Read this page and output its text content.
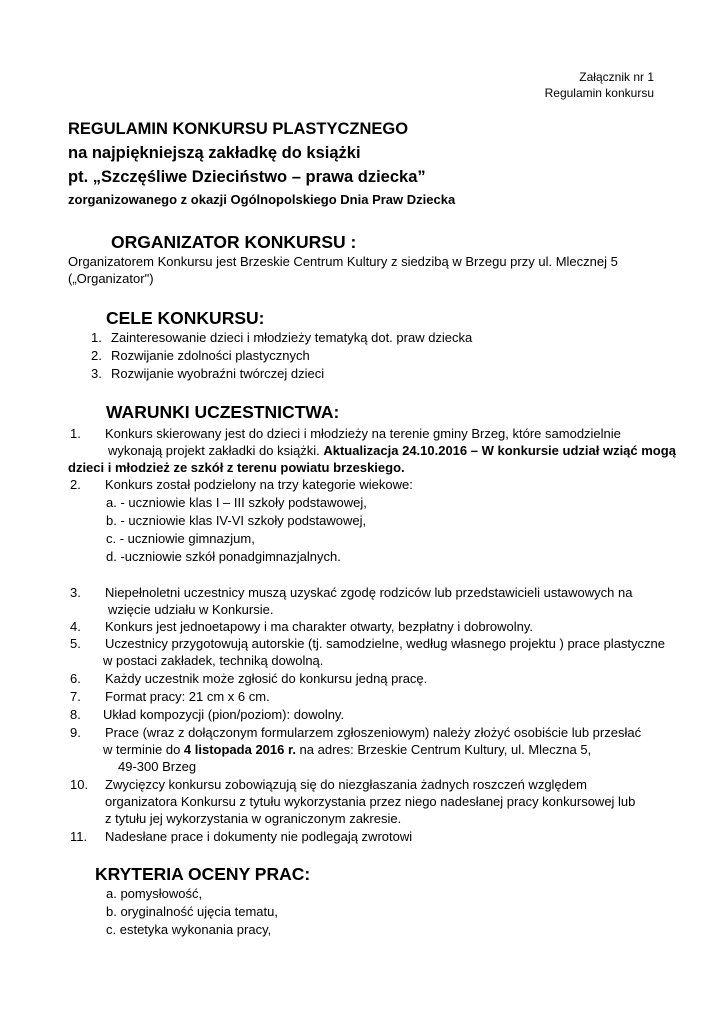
Załącznik nr 1
Regulamin konkursu
REGULAMIN KONKURSU PLASTYCZNEGO
na najpiękniejszą zakładkę do książki
pt. „Szczęśliwe Dzieciństwo – prawa dziecka”
zorganizowanego z okazji Ogólnopolskiego Dnia Praw Dziecka
ORGANIZATOR KONKURSU :
Organizatorem Konkursu jest Brzeskie Centrum Kultury z siedzibą w Brzegu przy ul. Mlecznej 5
(„Organizator")
CELE KONKURSU:
1. Zainteresowanie dzieci i młodzieży tematyką dot. praw dziecka
2. Rozwijanie zdolności plastycznych
3. Rozwijanie wyobraźni twórczej dzieci
WARUNKI UCZESTNICTWA:
1. Konkurs skierowany jest do dzieci i młodzieży na terenie gminy Brzeg, które samodzielnie
wykonają projekt zakładki do książki. Aktualizacja 24.10.2016 – W konkursie udział wziąć mogą
dzieci i młodzież ze szkół z terenu powiatu brzeskiego.
2. Konkurs został podzielony na trzy kategorie wiekowe:
a. - uczniowie klas I – III szkoły podstawowej,
b. - uczniowie klas IV-VI szkoły podstawowej,
c. - uczniowie gimnazjum,
d. -uczniowie szkół ponadgimnazjalnych.
3. Niepełnoletni uczestnicy muszą uzyskać zgodę rodziców lub przedstawicieli ustawowych na
wzięcie udziału w Konkursie.
4. Konkurs jest jednoetapowy i ma charakter otwarty, bezpłatny i dobrowolny.
5. Uczestnicy przygotowują autorskie (tj. samodzielne, według własnego projektu ) prace plastyczne
w postaci zakładek, techniką dowolną.
6. Każdy uczestnik może zgłosić do konkursu jedną pracę.
7. Format pracy: 21 cm x 6 cm.
8. Układ kompozycji (pion/poziom): dowolny.
9. Prace (wraz z dołączonym formularzem zgłoszeniowym) należy złożyć osobiście lub przesłać
w terminie do 4 listopada 2016 r. na adres: Brzeskie Centrum Kultury, ul. Mleczna 5,
49-300 Brzeg
10. Zwycięzcy konkursu zobowiązują się do niezgłaszania żadnych roszczeń względem
organizatora Konkursu z tytułu wykorzystania przez niego nadesłanej pracy konkursowej lub
z tytułu jej wykorzystania w ograniczonym zakresie.
11. Nadesłane prace i dokumenty nie podlegają zwrotowi
KRYTERIA OCENY PRAC:
a. pomysłowość,
b. oryginalność ujęcia tematu,
c. estetyka wykonania pracy,
